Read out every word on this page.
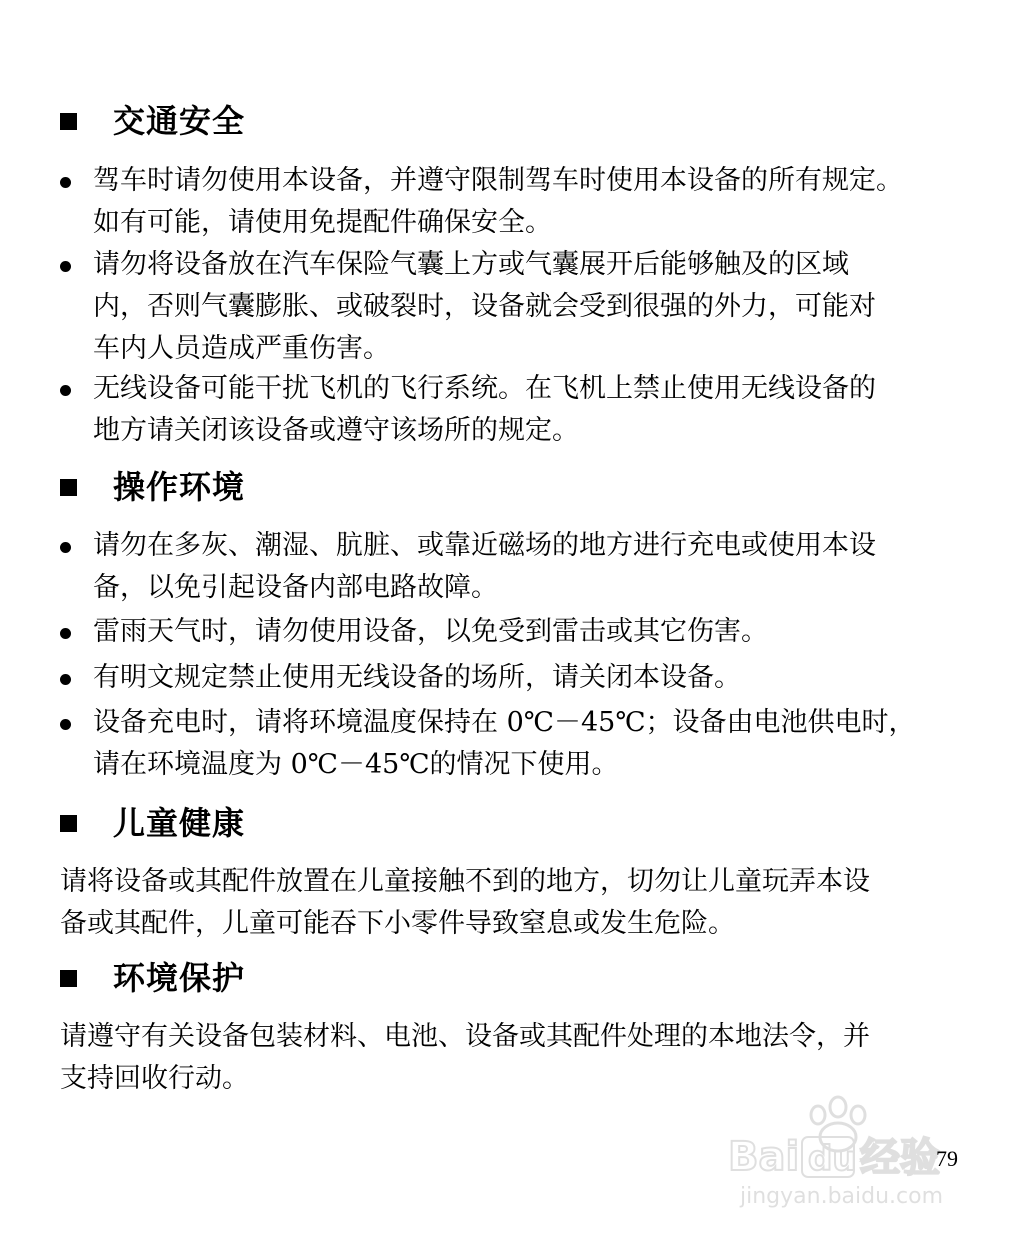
交通安全
驾车时请勿使用本设备，并遵守限制驾车时使用本设备的所有规定。
如有可能，请使用免提配件确保安全。
请勿将设备放在汽车保险气囊上方或气囊展开后能够触及的区域
内，否则气囊膨胀、或破裂时，设备就会受到很强的外力，可能对
车内人员造成严重伤害。
无线设备可能干扰飞机的飞行系统。在飞机上禁止使用无线设备的
地方请关闭该设备或遵守该场所的规定。
操作环境
请勿在多灰、潮湿、肮脏、或靠近磁场的地方进行充电或使用本设
备，以免引起设备内部电路故障。
雷雨天气时，请勿使用设备，以免受到雷击或其它伤害。
有明文规定禁止使用无线设备的场所，请关闭本设备。
设备充电时，请将环境温度保持在 0℃－45℃；设备由电池供电时，
请在环境温度为 0℃－45℃的情况下使用。
儿童健康
请将设备或其配件放置在儿童接触不到的地方，切勿让儿童玩弄本设
备或其配件，儿童可能吞下小零件导致窒息或发生危险。
环境保护
请遵守有关设备包装材料、电池、设备或其配件处理的本地法令，并
支持回收行动。
Bai du 经验
jingyan.baidu.com
79
